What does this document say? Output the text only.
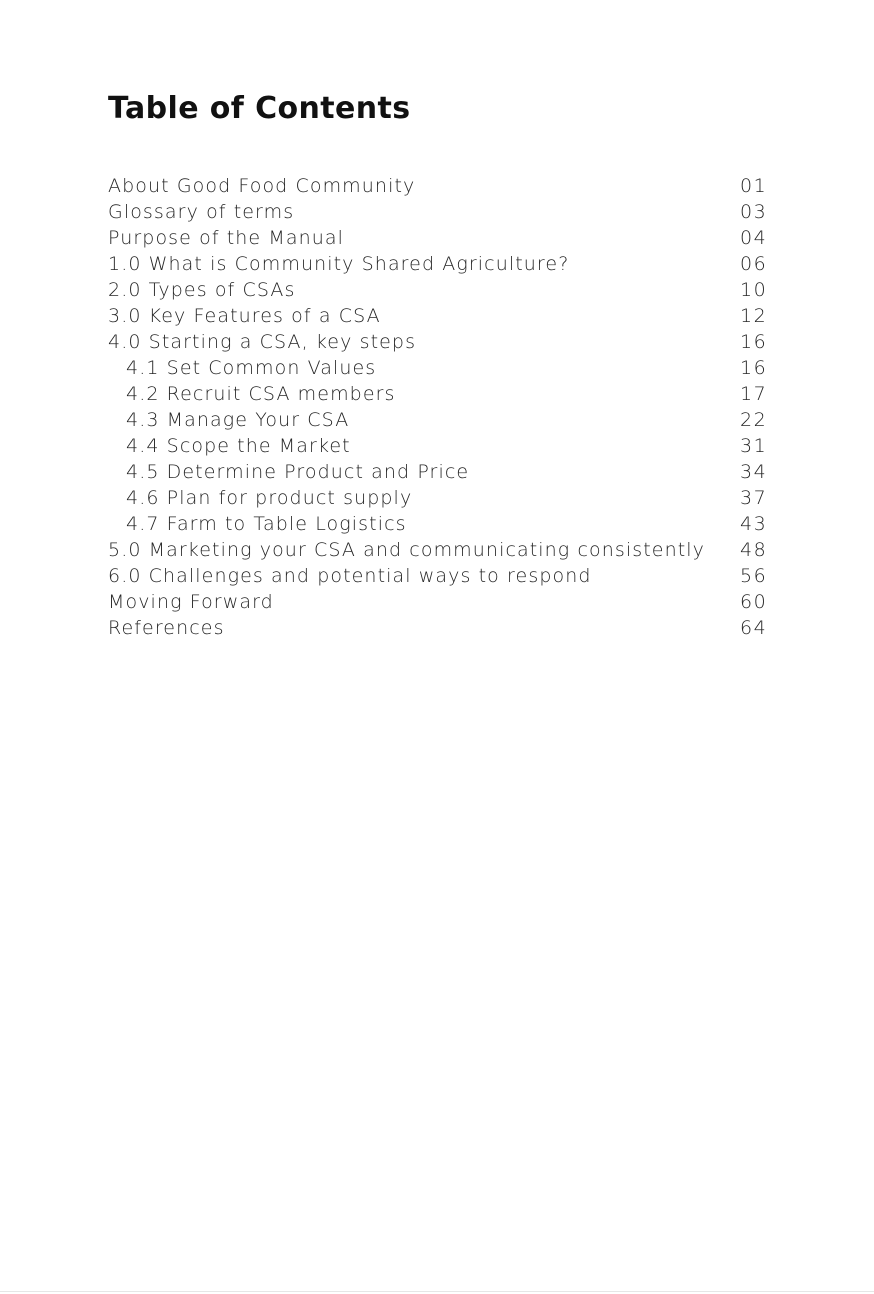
Table of Contents
About Good Food Community	01
Glossary of terms	03
Purpose of the Manual	04
1.0 What is Community Shared Agriculture?	06
2.0 Types of CSAs	10
3.0 Key Features of a CSA	12
4.0 Starting a CSA, key steps	16
4.1 Set Common Values	16
4.2 Recruit CSA members	17
4.3 Manage Your CSA	22
4.4 Scope the Market	31
4.5 Determine Product and Price	34
4.6 Plan for product supply	37
4.7 Farm to Table Logistics	43
5.0 Marketing your CSA and communicating consistently 48
6.0 Challenges and potential ways to respond	56
Moving Forward	60
References	64
